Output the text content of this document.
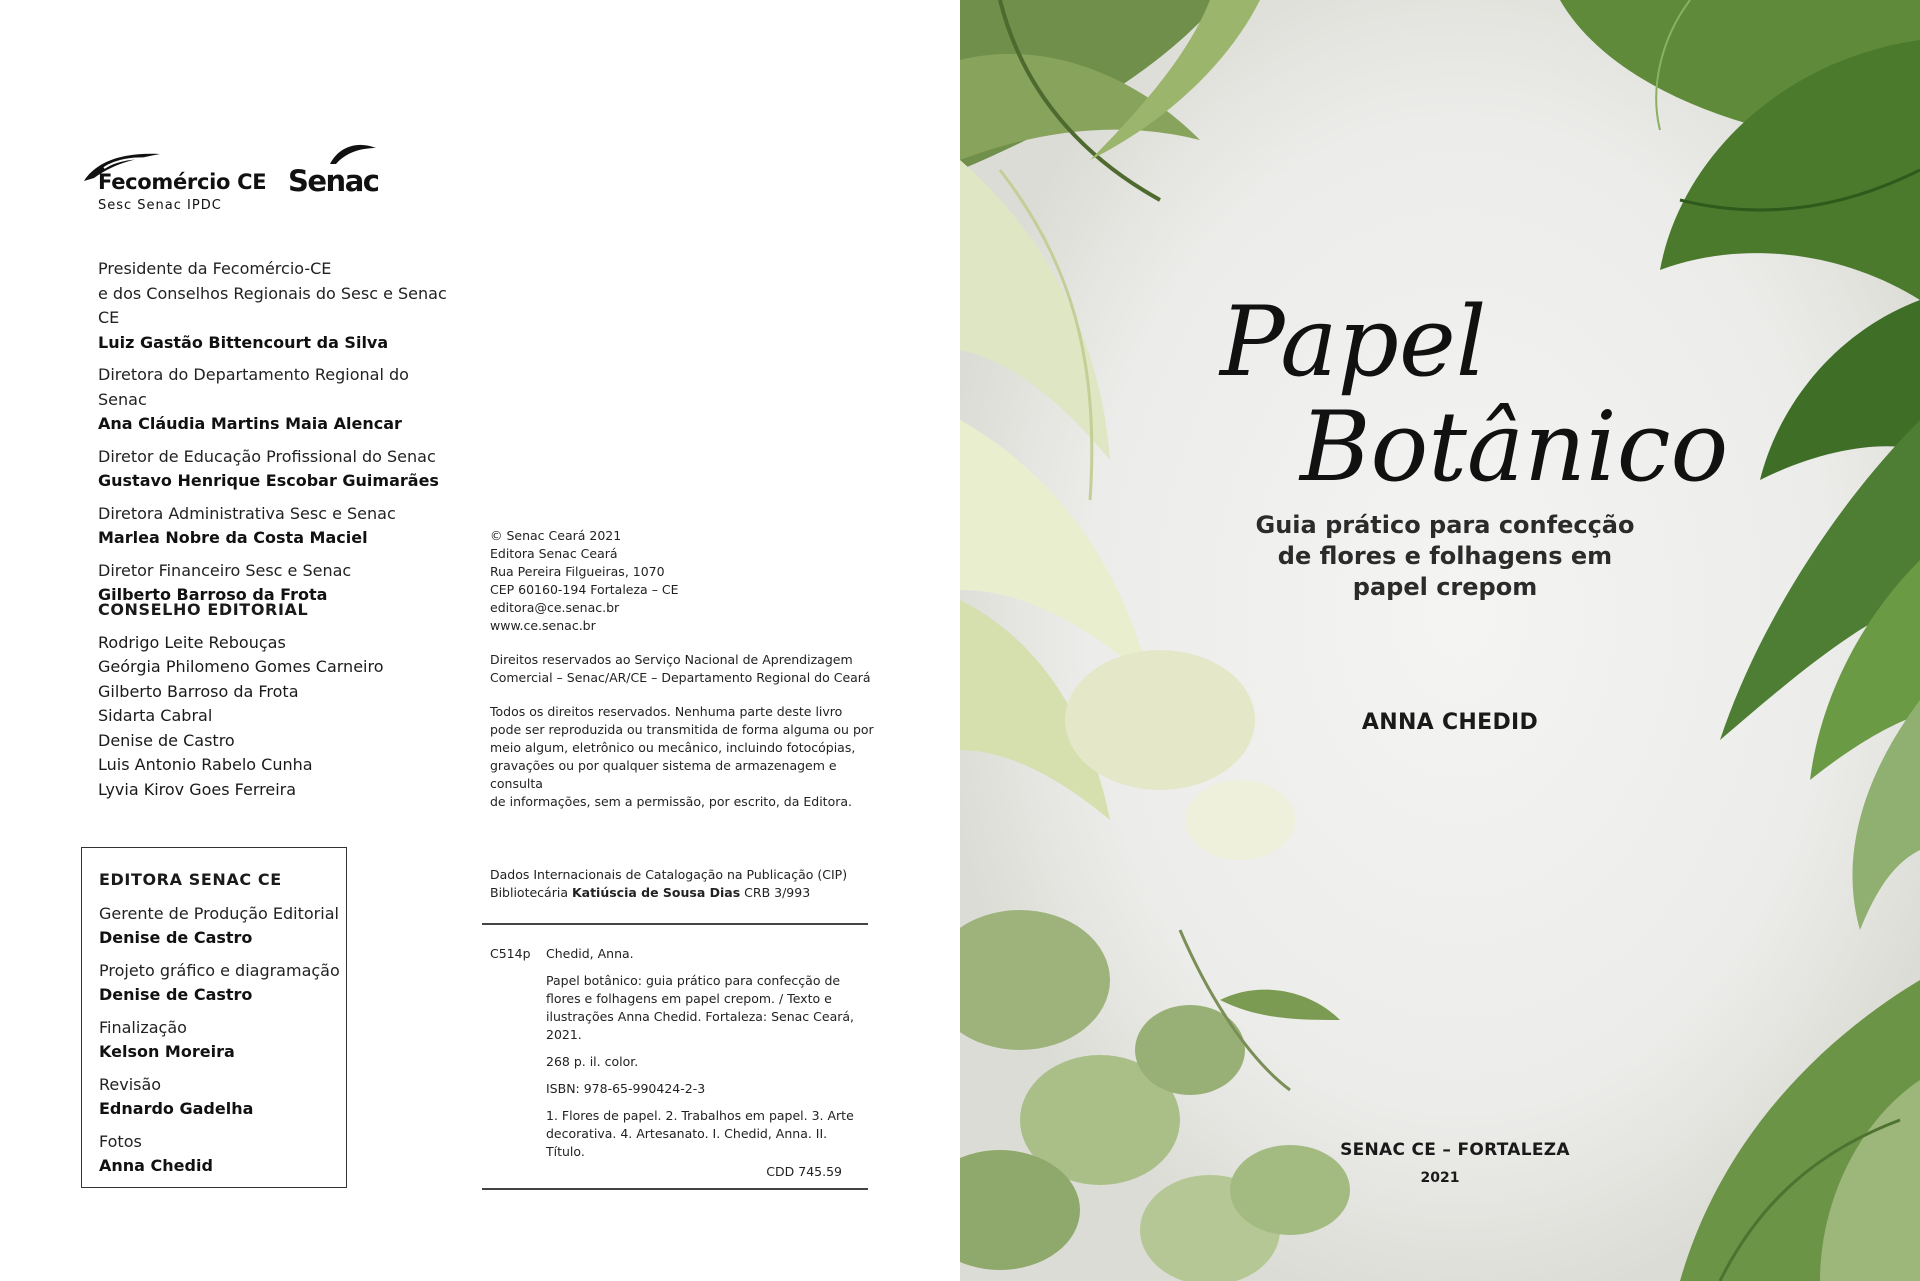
Fecomércio CE
Sesc Senac IPDC
Senac
Presidente da Fecomércio-CE
e dos Conselhos Regionais do Sesc e Senac CE
Luiz Gastão Bittencourt da Silva
Diretora do Departamento Regional do Senac
Ana Cláudia Martins Maia Alencar
Diretor de Educação Profissional do Senac
Gustavo Henrique Escobar Guimarães
Diretora Administrativa Sesc e Senac
Marlea Nobre da Costa Maciel
Diretor Financeiro Sesc e Senac
Gilberto Barroso da Frota
CONSELHO EDITORIAL
Rodrigo Leite Rebouças
Geórgia Philomeno Gomes Carneiro
Gilberto Barroso da Frota
Sidarta Cabral
Denise de Castro
Luis Antonio Rabelo Cunha
Lyvia Kirov Goes Ferreira
EDITORA SENAC CE
Gerente de Produção Editorial
Denise de Castro
Projeto gráfico e diagramação
Denise de Castro
Finalização
Kelson Moreira
Revisão
Ednardo Gadelha
Fotos
Anna Chedid

© Senac Ceará 2021
Editora Senac Ceará
Rua Pereira Filgueiras, 1070
CEP 60160-194 Fortaleza – CE
editora@ce.senac.br
www.ce.senac.br

Direitos reservados ao Serviço Nacional de Aprendizagem
Comercial – Senac/AR/CE – Departamento Regional do Ceará

Todos os direitos reservados. Nenhuma parte deste livro
pode ser reproduzida ou transmitida de forma alguma ou por
meio algum, eletrônico ou mecânico, incluindo fotocópias,
gravações ou por qualquer sistema de armazenagem e consulta
de informações, sem a permissão, por escrito, da Editora.

Dados Internacionais de Catalogação na Publicação (CIP)
Bibliotecária Katiúscia de Sousa Dias CRB 3/993
C514p Chedid, Anna.

Papel botânico: guia prático para confecção de
flores e folhagens em papel crepom. / Texto e
ilustrações Anna Chedid. Fortaleza: Senac Ceará,
2021.

268 p. il. color.

ISBN: 978-65-990424-2-3

1. Flores de papel. 2. Trabalhos em papel. 3. Arte
decorativa. 4. Artesanato. I. Chedid, Anna. II. Título.

CDD 745.59

Papel
Botânico
Guia prático para confecção
de flores e folhagens em
papel crepom
ANNA CHEDID
SENAC CE – FORTALEZA
2021
